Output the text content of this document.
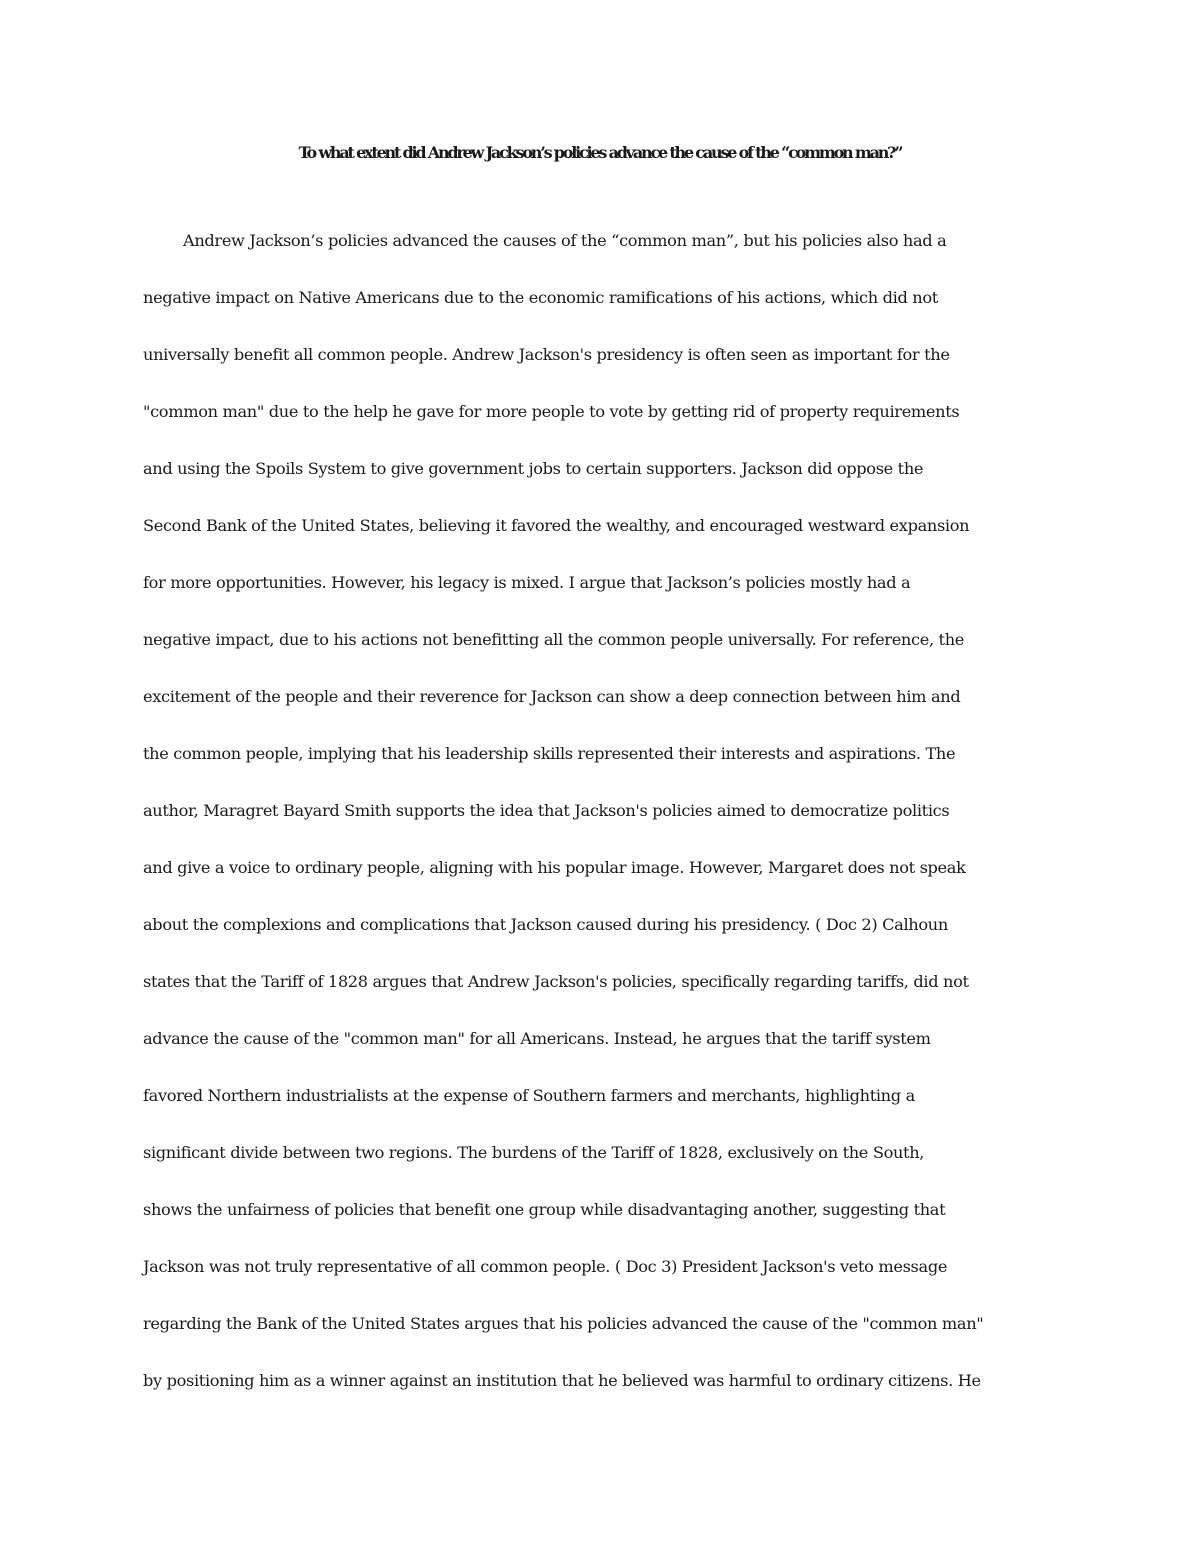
To what extent did Andrew Jackson’s policies advance the cause of the “common man?”
Andrew Jackson’s policies advanced the causes of the “common man”, but his policies also had a
negative impact on Native Americans due to the economic ramifications of his actions, which did not
universally benefit all common people. Andrew Jackson's presidency is often seen as important for the
"common man" due to the help he gave for more people to vote by getting rid of property requirements
and using the Spoils System to give government jobs to certain supporters. Jackson did oppose the
Second Bank of the United States, believing it favored the wealthy, and encouraged westward expansion
for more opportunities. However, his legacy is mixed. I argue that Jackson’s policies mostly had a
negative impact, due to his actions not benefitting all the common people universally. For reference, the
excitement of the people and their reverence for Jackson can show a deep connection between him and
the common people, implying that his leadership skills represented their interests and aspirations. The
author, Maragret Bayard Smith supports the idea that Jackson's policies aimed to democratize politics
and give a voice to ordinary people, aligning with his popular image. However, Margaret does not speak
about the complexions and complications that Jackson caused during his presidency. ( Doc 2) Calhoun
states that the Tariff of 1828 argues that Andrew Jackson's policies, specifically regarding tariffs, did not
advance the cause of the "common man" for all Americans. Instead, he argues that the tariff system
favored Northern industrialists at the expense of Southern farmers and merchants, highlighting a
significant divide between two regions. The burdens of the Tariff of 1828, exclusively on the South,
shows the unfairness of policies that benefit one group while disadvantaging another, suggesting that
Jackson was not truly representative of all common people. ( Doc 3) President Jackson's veto message
regarding the Bank of the United States argues that his policies advanced the cause of the "common man"
by positioning him as a winner against an institution that he believed was harmful to ordinary citizens. He
